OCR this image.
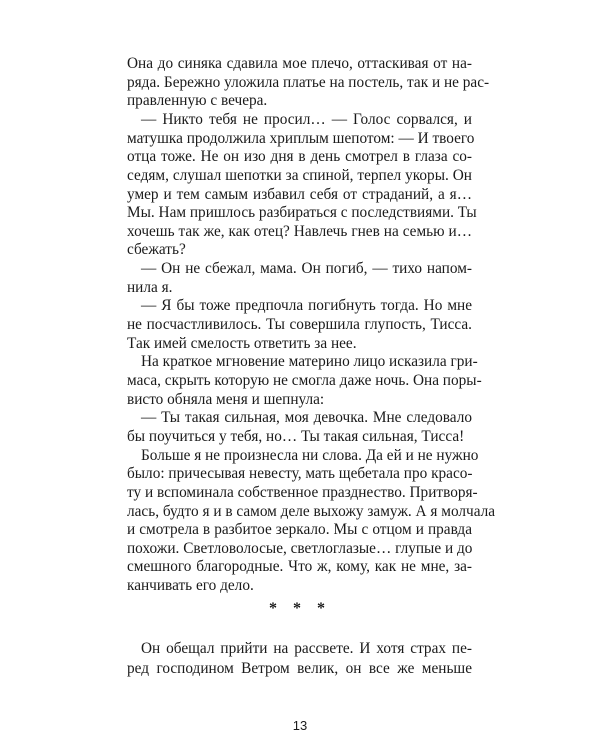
Она до синяка сдавила мое плечо, оттаскивая от на-
ряда. Бережно уложила платье на постель, так и не рас-
правленную с вечера.
— Никто тебя не просил… — Голос сорвался, и
матушка продолжила хриплым шепотом: — И твоего
отца тоже. Не он изо дня в день смотрел в глаза со-
седям, слушал шепотки за спиной, терпел укоры. Он
умер и тем самым избавил себя от страданий, а я…
Мы. Нам пришлось разбираться с последствиями. Ты
хочешь так же, как отец? Навлечь гнев на семью и…
сбежать?
— Он не сбежал, мама. Он погиб, — тихо напом-
нила я.
— Я бы тоже предпочла погибнуть тогда. Но мне
не посчастливилось. Ты совершила глупость, Тисса.
Так имей смелость ответить за нее.
На краткое мгновение материно лицо исказила гри-
маса, скрыть которую не смогла даже ночь. Она поры-
висто обняла меня и шепнула:
— Ты такая сильная, моя девочка. Мне следовало
бы поучиться у тебя, но… Ты такая сильная, Тисса!
Больше я не произнесла ни слова. Да ей и не нужно
было: причесывая невесту, мать щебетала про красо-
ту и вспоминала собственное празднество. Притворя-
лась, будто я и в самом деле выхожу замуж. А я молчала
и смотрела в разбитое зеркало. Мы с отцом и правда
похожи. Светловолосые, светлоглазые… глупые и до
смешного благородные. Что ж, кому, как не мне, за-
канчивать его дело.
Он обещал прийти на рассвете. И хотя страх пе-
ред господином Ветром велик, он все же меньше
* * *
13
